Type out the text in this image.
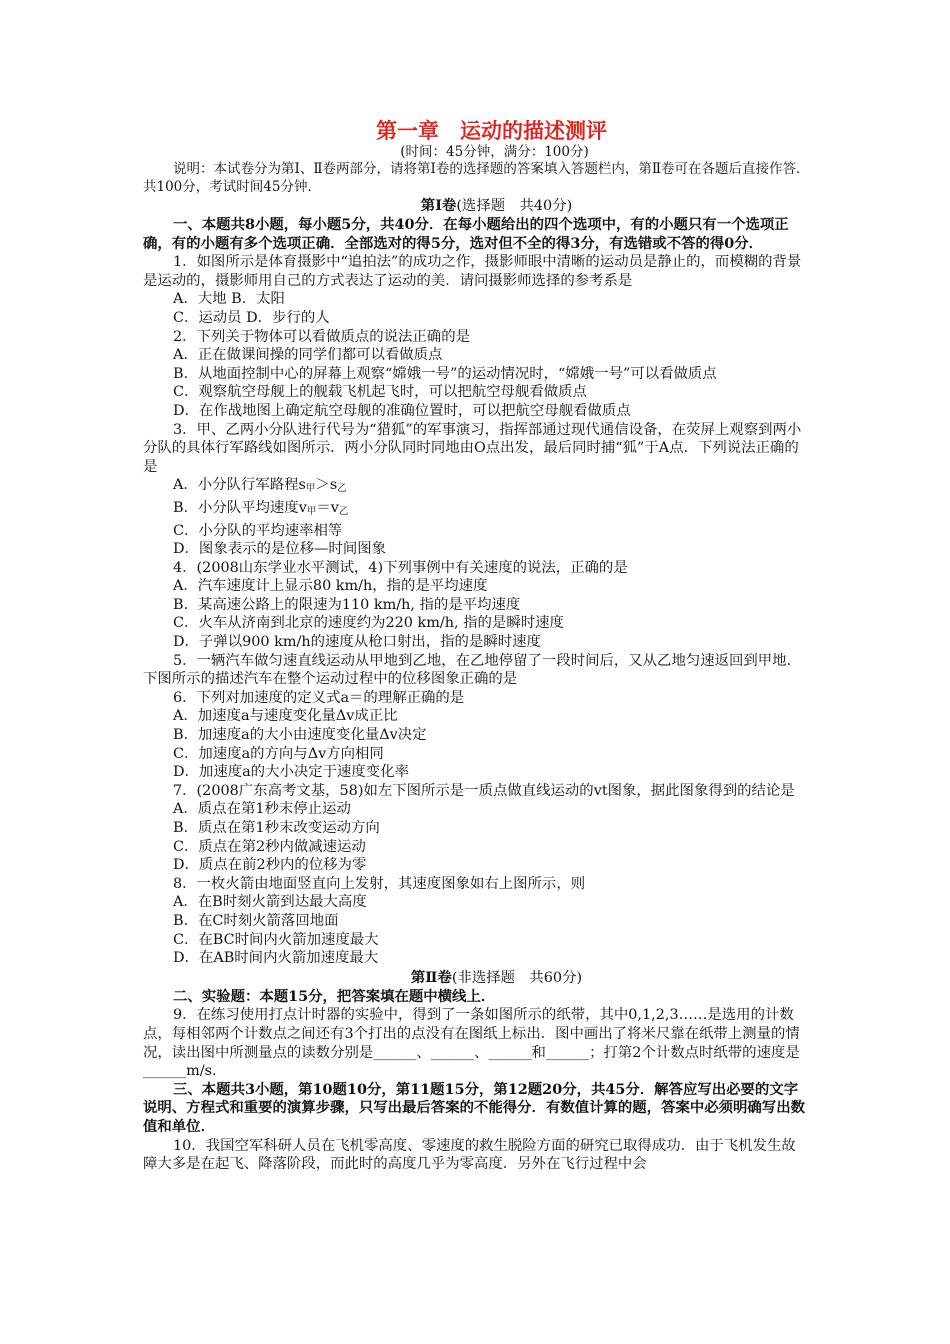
第一章　运动的描述测评

(时间：45分钟，满分：100分)

说明：本试卷分为第Ⅰ、Ⅱ卷两部分，请将第Ⅰ卷的选择题的答案填入答题栏内，第Ⅱ卷可在各题后直接作答．共100分，考试时间45分钟．

第Ⅰ卷(选择题　共40分)

一、本题共8小题，每小题5分，共40分．在每小题给出的四个选项中，有的小题只有一个选项正确，有的小题有多个选项正确．全部选对的得5分，选对但不全的得3分，有选错或不答的得0分．

1．如图所示是体育摄影中“追拍法”的成功之作，摄影师眼中清晰的运动员是静止的，而模糊的背景是运动的，摄影师用自己的方式表达了运动的美．请问摄影师选择的参考系是

A．大地 B．太阳

C．运动员 D．步行的人

2．下列关于物体可以看做质点的说法正确的是

A．正在做课间操的同学们都可以看做质点

B．从地面控制中心的屏幕上观察“嫦娥一号”的运动情况时，“嫦娥一号”可以看做质点

C．观察航空母舰上的舰载飞机起飞时，可以把航空母舰看做质点

D．在作战地图上确定航空母舰的准确位置时，可以把航空母舰看做质点

3．甲、乙两小分队进行代号为“猎狐”的军事演习，指挥部通过现代通信设备，在荧屏上观察到两小分队的具体行军路线如图所示．两小分队同时同地由O点出发，最后同时捕“狐”于A点．下列说法正确的是

A．小分队行军路程$s_甲>s_乙$

B．小分队平均速度$v_甲=v_乙$

C．小分队的平均速率相等

D．图象表示的是位移—时间图象

4．(2008山东学业水平测试，4)下列事例中有关速度的说法，正确的是

A．汽车速度计上显示80 km/h，指的是平均速度

B．某高速公路上的限速为110 km/h, 指的是平均速度

C．火车从济南到北京的速度约为220 km/h, 指的是瞬时速度

D．子弹以900 km/h的速度从枪口射出，指的是瞬时速度

5．一辆汽车做匀速直线运动从甲地到乙地，在乙地停留了一段时间后，又从乙地匀速返回到甲地．下图所示的描述汽车在整个运动过程中的位移图象正确的是

6．下列对加速度的定义式a＝的理解正确的是

A．加速度a与速度变化量Δv成正比

B．加速度a的大小由速度变化量Δv决定

C．加速度a的方向与Δv方向相同

D．加速度a的大小决定于速度变化率

7．(2008广东高考文基，58)如左下图所示是一质点做直线运动的vt图象，据此图象得到的结论是

A．质点在第1秒末停止运动

B．质点在第1秒末改变运动方向

C．质点在第2秒内做减速运动

D．质点在前2秒内的位移为零

8．一枚火箭由地面竖直向上发射，其速度图象如右上图所示，则

A．在B时刻火箭到达最大高度

B．在C时刻火箭落回地面

C．在BC时间内火箭加速度最大

D．在AB时间内火箭加速度最大

第Ⅱ卷(非选择题　共60分)

二、实验题：本题15分，把答案填在题中横线上．

9．在练习使用打点计时器的实验中，得到了一条如图所示的纸带，其中0,1,2,3……是选用的计数点，每相邻两个计数点之间还有3个打出的点没有在图纸上标出．图中画出了将米尺靠在纸带上测量的情况，读出图中所测量点的读数分别是______、______、______和______；打第2个计数点时纸带的速度是______m/s.

三、本题共3小题，第10题10分，第11题15分，第12题20分，共45分．解答应写出必要的文字说明、方程式和重要的演算步骤，只写出最后答案的不能得分．有数值计算的题，答案中必须明确写出数值和单位．

10．我国空军科研人员在飞机零高度、零速度的救生脱险方面的研究已取得成功．由于飞机发生故障大多是在起飞、降落阶段，而此时的高度几乎为零高度．另外在飞行过程中会
